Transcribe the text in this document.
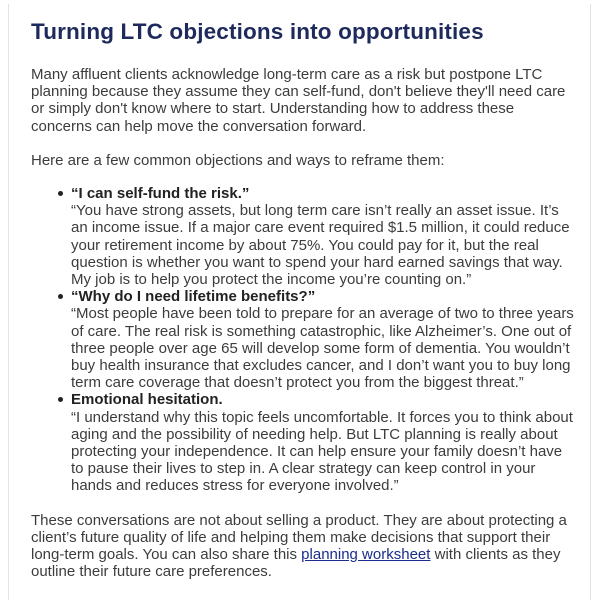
Turning LTC objections into opportunities

Many affluent clients acknowledge long-term care as a risk but postpone LTC planning because they assume they can self-fund, don't believe they'll need care or simply don't know where to start. Understanding how to address these concerns can help move the conversation forward.

Here are a few common objections and ways to reframe them:

“I can self-fund the risk.”
“You have strong assets, but long term care isn’t really an asset issue. It’s an income issue. If a major care event required $1.5 million, it could reduce your retirement income by about 75%. You could pay for it, but the real question is whether you want to spend your hard earned savings that way. My job is to help you protect the income you’re counting on.”
“Why do I need lifetime benefits?”
“Most people have been told to prepare for an average of two to three years of care. The real risk is something catastrophic, like Alzheimer’s. One out of three people over age 65 will develop some form of dementia. You wouldn’t buy health insurance that excludes cancer, and I don’t want you to buy long term care coverage that doesn’t protect you from the biggest threat.”
Emotional hesitation.
“I understand why this topic feels uncomfortable. It forces you to think about aging and the possibility of needing help. But LTC planning is really about protecting your independence. It can help ensure your family doesn’t have to pause their lives to step in. A clear strategy can keep control in your hands and reduces stress for everyone involved.”

These conversations are not about selling a product. They are about protecting a client’s future quality of life and helping them make decisions that support their long-term goals. You can also share this planning worksheet with clients as they outline their future care preferences.
